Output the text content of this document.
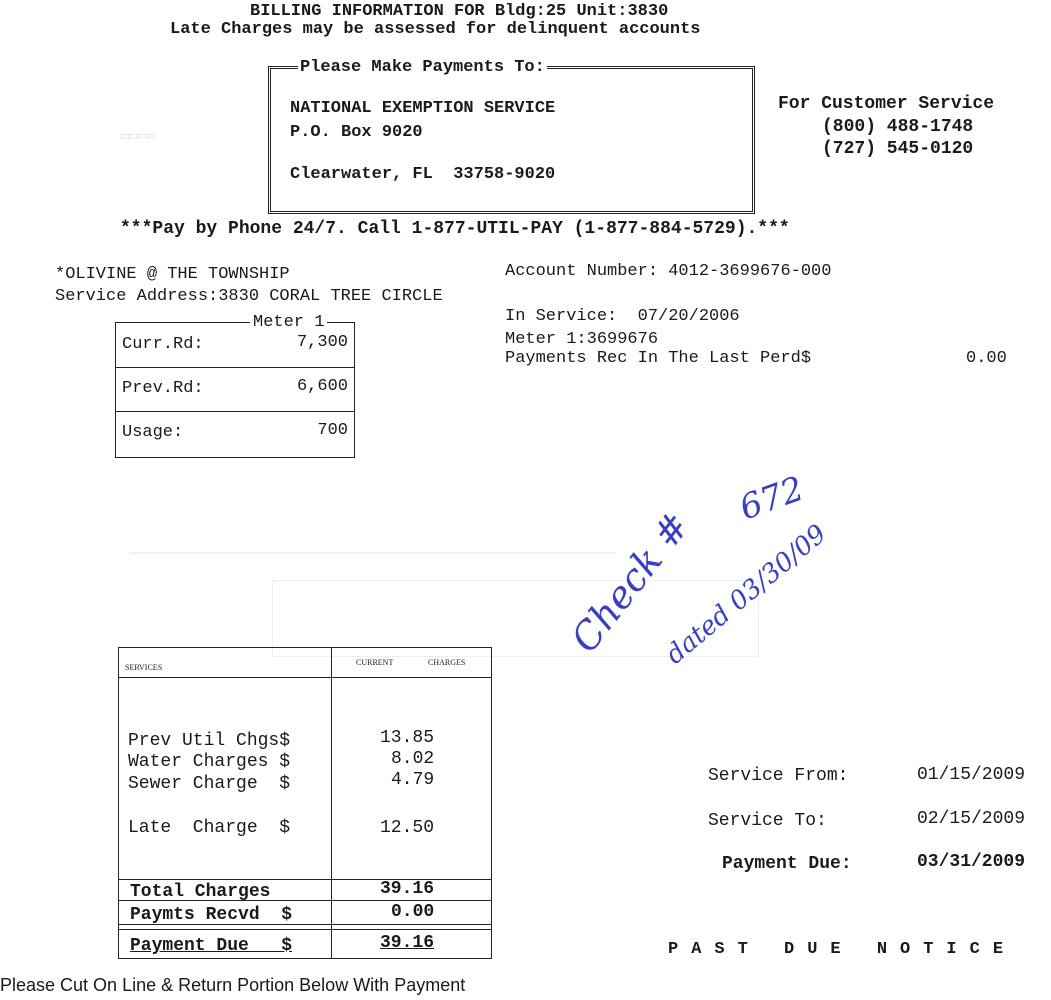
▭▭▭▭
——————————————————————————————————————————————————————
BILLING INFORMATION FOR Bldg:25 Unit:3830
Late Charges may be assessed for delinquent accounts
Please Make Payments To:
NATIONAL EXEMPTION SERVICE
P.O. Box 9020
Clearwater, FL  33758-9020
For Customer Service
(800) 488-1748
(727) 545-0120
***Pay by Phone 24/7. Call 1-877-UTIL-PAY (1-877-884-5729).***
*OLIVINE @ THE TOWNSHIP
Service Address:3830 CORAL TREE CIRCLE
Account Number: 4012-3699676-000
In Service:  07/20/2006
Meter 1:3699676
Payments Rec In The Last Perd$	0.00
Curr.Rd:	7,300
Prev.Rd:	6,600
Usage:	700
Meter 1
672
Check #
dated 03/30/09
SERVICES
CURRENT	CHARGES
Prev Util Chgs$	13.85
Water Charges $	8.02
Sewer Charge  $	4.79
Late  Charge  $	12.50
Total Charges	39.16
Paymts Recvd  $	0.00
Payment Due   $	39.16
Service From:	01/15/2009
Service To:	02/15/2009
Payment Due:	03/31/2009
PAST DUE NOTICE
Please Cut On Line & Return Portion Below With Payment
